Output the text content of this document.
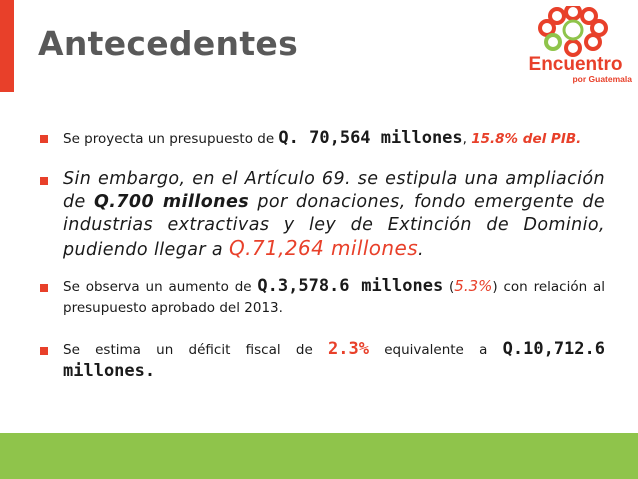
Antecedentes
Encuentro
por Guatemala
Se proyecta un presupuesto de Q. 70,564 millones, 15.8% del PIB.
Sin embargo, en el Artículo 69. se estipula una ampliación de Q.700 millones por donaciones, fondo emergente de industrias extractivas y ley de Extinción de Dominio, pudiendo llegar a Q.71,264 millones.
Se observa un aumento de Q.3,578.6 millones (5.3%) con relación al presupuesto aprobado del 2013.
Se estima un déficit fiscal de 2.3% equivalente a Q.10,712.6 millones.
